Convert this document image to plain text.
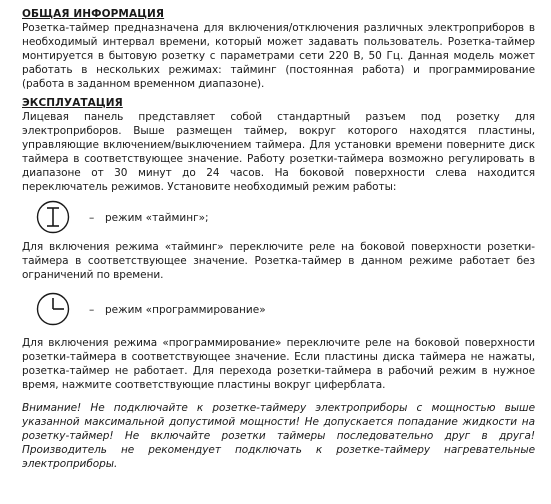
ОБЩАЯ ИНФОРМАЦИЯ

Розетка-таймер предназначена для включения/отключения различных электроприборов в необходимый интервал времени, который может задавать пользователь. Розетка-таймер монтируется в бытовую розетку с параметрами сети 220 В, 50 Гц. Данная модель может работать в нескольких режимах: тайминг (постоянная работа) и программирование (работа в заданном временном диапазоне).

ЭКСПЛУАТАЦИЯ

Лицевая панель представляет собой стандартный разъем под розетку для электроприборов. Выше размещен таймер, вокруг которого находятся пластины, управляющие включением/выключением таймера. Для установки времени поверните диск таймера в соответствующее значение. Работу розетки-таймера возможно регулировать в диапазоне от 30 минут до 24 часов. На боковой поверхности слева находится переключатель режимов. Установите необходимый режим работы:

– режим «тайминг»;

Для включения режима «тайминг» переключите реле на боковой поверхности розетки-таймера в соответствующее значение. Розетка-таймер в данном режиме работает без ограничений по времени.

– режим «программирование»

Для включения режима «программирование» переключите реле на боковой поверхности розетки-таймера в соответствующее значение. Если пластины диска таймера не нажаты, розетка-таймер не работает. Для перехода розетки-таймера в рабочий режим в нужное время, нажмите соответствующие пластины вокруг циферблата.

Внимание! Не подключайте к розетке-таймеру электроприборы с мощностью выше указанной максимальной допустимой мощности! Не допускается попадание жидкости на розетку-таймер! Не включайте розетки таймеры последовательно друг в друга! Производитель не рекомендует подключать к розетке-таймеру нагревательные электроприборы.
